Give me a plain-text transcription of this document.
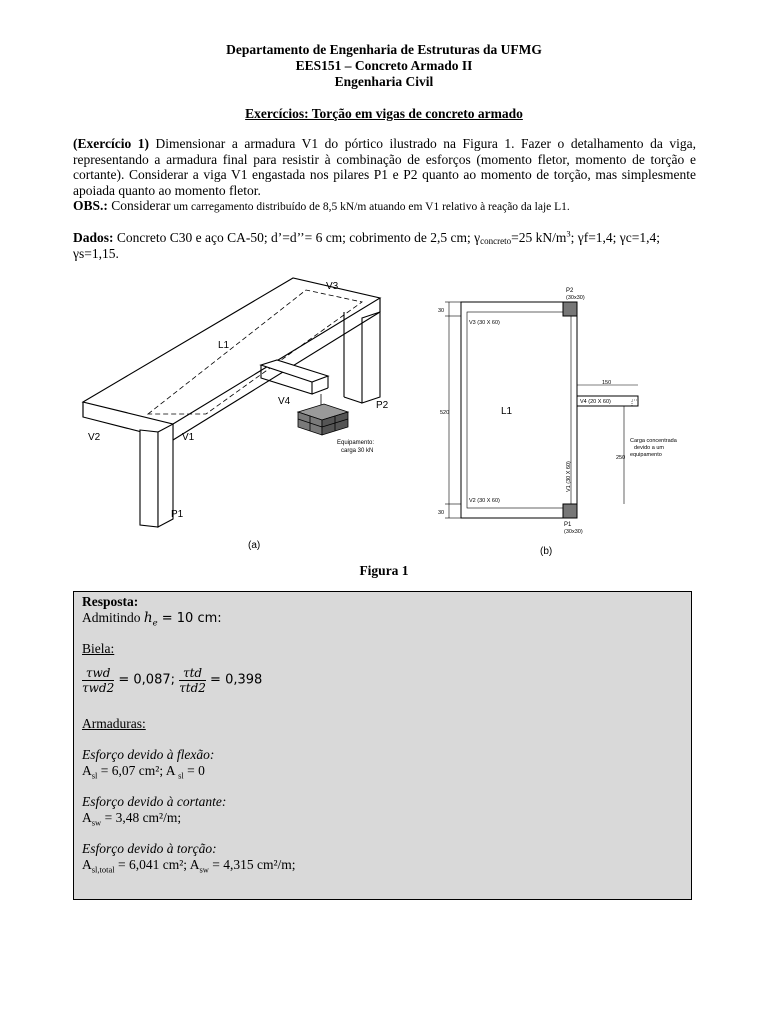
Departamento de Engenharia de Estruturas da UFMG
EES151 – Concreto Armado II
Engenharia Civil
Exercícios: Torção em vigas de concreto armado
(Exercício 1) Dimensionar a armadura V1 do pórtico ilustrado na Figura 1. Fazer o detalhamento da viga, representando a armadura final para resistir à combinação de esforços (momento fletor, momento de torção e cortante). Considerar a viga V1 engastada nos pilares P1 e P2 quanto ao momento de torção, mas simplesmente apoiada quanto ao momento fletor.
OBS.: Considerar um carregamento distribuído de 8,5 kN/m atuando em V1 relativo à reação da laje L1.
Dados: Concreto C30 e aço CA-50; d’=d’’= 6 cm; cobrimento de 2,5 cm; $\gamma_{concreto}=25$ $kN/m^3$; γf=1,4; γc=1,4;
γs=1,15.
V3
L1
V4	P2
V2	V1
P1
Equipamento:
carga 30 kN
(a)
P2
(30x30)
V3 (30 X 60)
30
520	L1
150
V4 (20 X 60)
Carga concentrada
devido a um
equipamento
250
V1 (30 X 60)
V2 (30 X 60)
30
P1
(30x30)
(b)
Figura 1
Resposta:
Admitindo $h_e = 10$ cm:
Biela:
$\frac{\text{τwd}}{\text{τwd2}} = 0,087$; $\frac{\text{τtd}}{\text{τtd2}} = 0,398$
Armaduras:
Esforço devido à flexão:
$A_{sl} = 6,07$ cm²; A $_{sl}$ = 0
Esforço devido à cortante:
$A_{sw} = 3,48$ cm²/m;
Esforço devido à torção:
$A_{sl,total} = 6,041$ cm²; $A_{sw} = 4,315$ cm²/m;
